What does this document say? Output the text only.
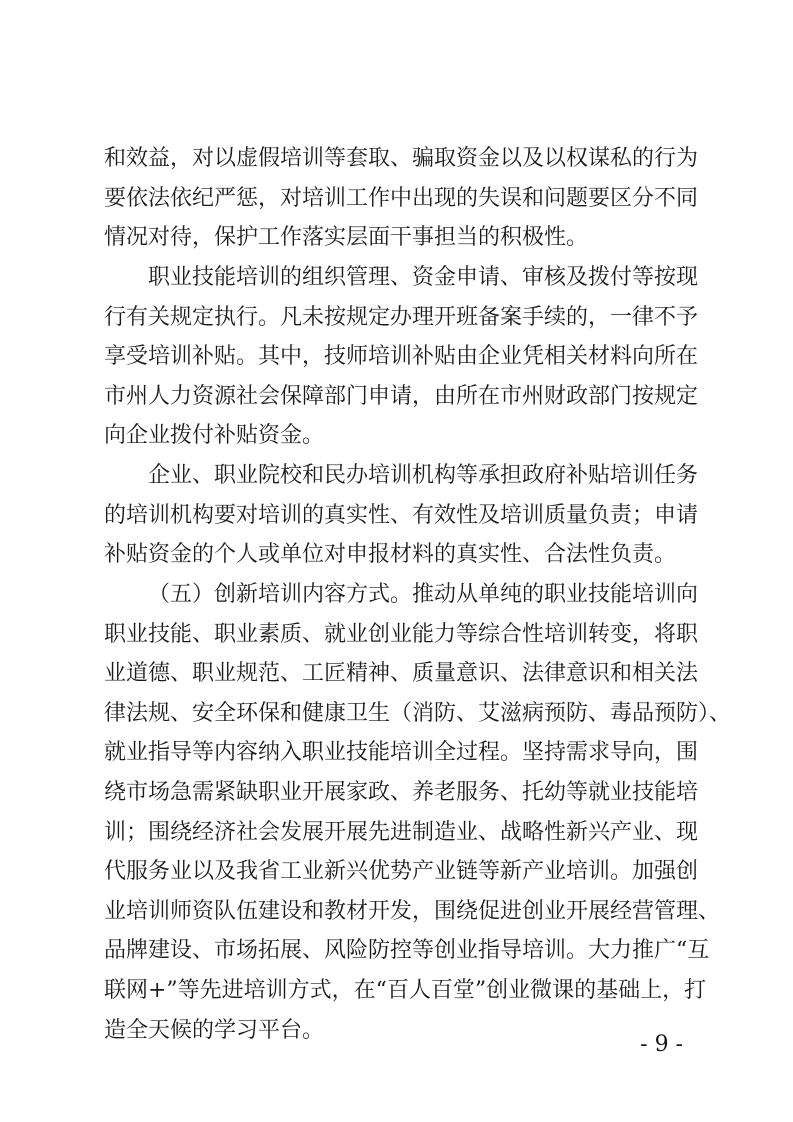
和效益，对以虚假培训等套取、骗取资金以及以权谋私的行为
要依法依纪严惩，对培训工作中出现的失误和问题要区分不同
情况对待，保护工作落实层面干事担当的积极性。
职业技能培训的组织管理、资金申请、审核及拨付等按现
行有关规定执行。凡未按规定办理开班备案手续的，一律不予
享受培训补贴。其中，技师培训补贴由企业凭相关材料向所在
市州人力资源社会保障部门申请，由所在市州财政部门按规定
向企业拨付补贴资金。
企业、职业院校和民办培训机构等承担政府补贴培训任务
的培训机构要对培训的真实性、有效性及培训质量负责；申请
补贴资金的个人或单位对申报材料的真实性、合法性负责。
（五）创新培训内容方式。推动从单纯的职业技能培训向
职业技能、职业素质、就业创业能力等综合性培训转变，将职
业道德、职业规范、工匠精神、质量意识、法律意识和相关法
律法规、安全环保和健康卫生（消防、艾滋病预防、毒品预防）、
就业指导等内容纳入职业技能培训全过程。坚持需求导向，围
绕市场急需紧缺职业开展家政、养老服务、托幼等就业技能培
训；围绕经济社会发展开展先进制造业、战略性新兴产业、现
代服务业以及我省工业新兴优势产业链等新产业培训。加强创
业培训师资队伍建设和教材开发，围绕促进创业开展经营管理、
品牌建设、市场拓展、风险防控等创业指导培训。大力推广“互
联网+”等先进培训方式，在“百人百堂”创业微课的基础上，打
造全天候的学习平台。
- 9 -
